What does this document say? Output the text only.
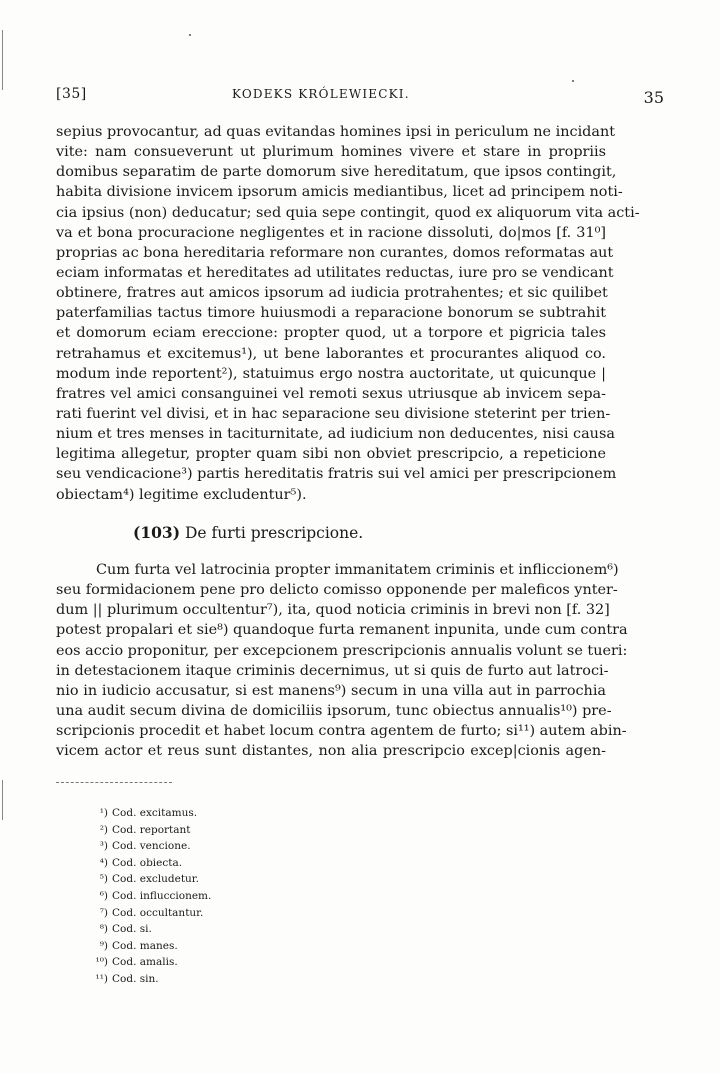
[35]	KODEKS KRÓLEWIECKI.	35
sepius provocantur, ad quas evitandas homines ipsi in periculum ne incidant
vite: nam consueverunt ut plurimum homines vivere et stare in propriis
domibus separatim de parte domorum sive hereditatum, que ipsos contingit,
habita divisione invicem ipsorum amicis mediantibus, licet ad principem noti-
cia ipsius (non) deducatur; sed quia sepe contingit, quod ex aliquorum vita acti-
va et bona procuracione negligentes et in racione dissoluti, do|mos [f. 31⁰]
proprias ac bona hereditaria reformare non curantes, domos reformatas aut
eciam informatas et hereditates ad utilitates reductas, iure pro se vendicant
obtinere, fratres aut amicos ipsorum ad iudicia protrahentes; et sic quilibet
paterfamilias tactus timore huiusmodi a reparacione bonorum se subtrahit
et domorum eciam ereccione: propter quod, ut a torpore et pigricia tales
retrahamus et excitemus¹), ut bene laborantes et procurantes aliquod co.
modum inde reportent²), statuimus ergo nostra auctoritate, ut quicunque |
fratres vel amici consanguinei vel remoti sexus utriusque ab invicem sepa-
rati fuerint vel divisi, et in hac separacione seu divisione steterint per trien-
nium et tres menses in taciturnitate, ad iudicium non deducentes, nisi causa
legitima allegetur, propter quam sibi non obviet prescripcio, a repeticione
seu vendicacione³) partis hereditatis fratris sui vel amici per prescripcionem
obiectam⁴) legitime excludentur⁵).
(103) De furti prescripcione.
Cum furta vel latrocinia propter immanitatem criminis et infliccionem⁶)
seu formidacionem pene pro delicto comisso opponende per maleficos ynter-
dum || plurimum occultentur⁷), ita, quod noticia criminis in brevi non [f. 32]
potest propalari et sie⁸) quandoque furta remanent inpunita, unde cum contra
eos accio proponitur, per excepcionem prescripcionis annualis volunt se tueri:
in detestacionem itaque criminis decernimus, ut si quis de furto aut latroci-
nio in iudicio accusatur, si est manens⁹) secum in una villa aut in parrochia
una audit secum divina de domiciliis ipsorum, tunc obiectus annualis¹⁰) pre-
scripcionis procedit et habet locum contra agentem de furto; si¹¹) autem abin-
vicem actor et reus sunt distantes, non alia prescripcio excep|cionis agen-
¹) Cod. excitamus.
²) Cod. reportant
³) Cod. vencione.
⁴) Cod. obiecta.
⁵) Cod. excludetur.
⁶) Cod. influccionem.
⁷) Cod. occultantur.
⁸) Cod. si.
⁹) Cod. manes.
¹⁰) Cod. amalis.
¹¹) Cod. sin.
